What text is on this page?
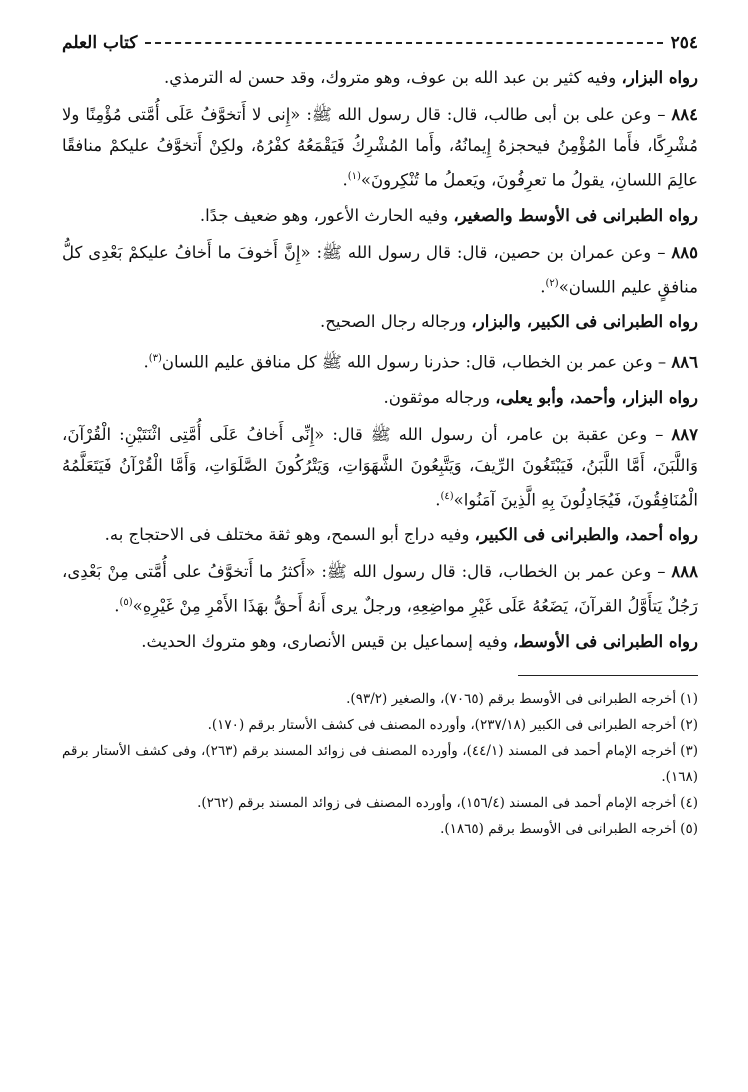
٢٥٤
كتاب العلم

رواه البزار، وفيه كثير بن عبد الله بن عوف، وهو متروك، وقد حسن له الترمذي.

٨٨٤ – وعن على بن أبى طالب، قال: قال رسول الله ﷺ: «إِنى لا أَتخوَّفُ عَلَى أُمَّتى مُؤْمِنًا ولا مُشْرِكًا، فأَما المُؤْمِنُ فيحجزهُ إِيمانُهُ، وأَما المُشْرِكُ فَيَقْمَعُهُ كفْرُهُ، ولكِنْ أَتخوَّفُ عليكمْ منافقًا عالِمَ اللسانِ، يقولُ ما تعرِفُونَ، ويَعملُ ما تُنْكِرونَ»$^{(١)}$.

رواه الطبرانى فى الأوسط والصغير، وفيه الحارث الأعور، وهو ضعيف جدًا.

٨٨٥ – وعن عمران بن حصين، قال: قال رسول الله ﷺ: «إِنَّ أَخوفَ ما أَخافُ عليكمْ بَعْدِى كلُّ منافقٍ عليم اللسان»$^{(٢)}$.

رواه الطبرانى فى الكبير، والبزار، ورجاله رجال الصحيح.

٨٨٦ – وعن عمر بن الخطاب، قال: حذرنا رسول الله ﷺ كل منافق عليم اللسان$^{(٣)}$.

رواه البزار، وأحمد، وأبو يعلى، ورجاله موثقون.

٨٨٧ – وعن عقبة بن عامر، أن رسول الله ﷺ قال: «إِنِّى أَخافُ عَلَى أُمَّتِى اثْنَتَيْنِ: الْقُرْآنَ، وَاللَّبَنَ، أَمَّا اللَّبَنُ، فَيَبْتَغُونَ الرِّيفَ، وَيَتَّبِعُونَ الشَّهَوَاتِ، وَيَتْرُكُونَ الصَّلَوَاتِ، وَأَمَّا الْقُرْآنُ فَيَتَعَلَّمُهُ الْمُنَافِقُونَ، فَيُجَادِلُونَ بِهِ الَّذِينَ آمَنُوا»$^{(٤)}$.

رواه أحمد، والطبرانى فى الكبير، وفيه دراج أبو السمح، وهو ثقة مختلف فى الاحتجاج به.

٨٨٨ – وعن عمر بن الخطاب، قال: قال رسول الله ﷺ: «أَكثرُ ما أَتخوَّفُ على أُمَّتى مِنْ بَعْدِى، رَجُلٌ يَتأَوَّلُ القرآنَ، يَضَعُهُ عَلَى غَيْرِ مواضِعِهِ، ورجلٌ يرى أَنهُ أَحقُّ بهَذَا الأَمْرِ مِنْ غَيْرِهِ»$^{(٥)}$.

رواه الطبرانى فى الأوسط، وفيه إسماعيل بن قيس الأنصارى، وهو متروك الحديث.

(١)أخرجه الطبرانى فى الأوسط برقم (٧٠٦٥)، والصغير (٩٣/٢).

(٢)أخرجه الطبرانى فى الكبير (٢٣٧/١٨)، وأورده المصنف فى كشف الأستار برقم (١٧٠).

(٣)أخرجه الإمام أحمد فى المسند (٤٤/١)، وأورده المصنف فى زوائد المسند برقم (٢٦٣)، وفى كشف الأستار برقم (١٦٨).

(٤)أخرجه الإمام أحمد فى المسند (١٥٦/٤)، وأورده المصنف فى زوائد المسند برقم (٢٦٢).

(٥)أخرجه الطبرانى فى الأوسط برقم (١٨٦٥).
